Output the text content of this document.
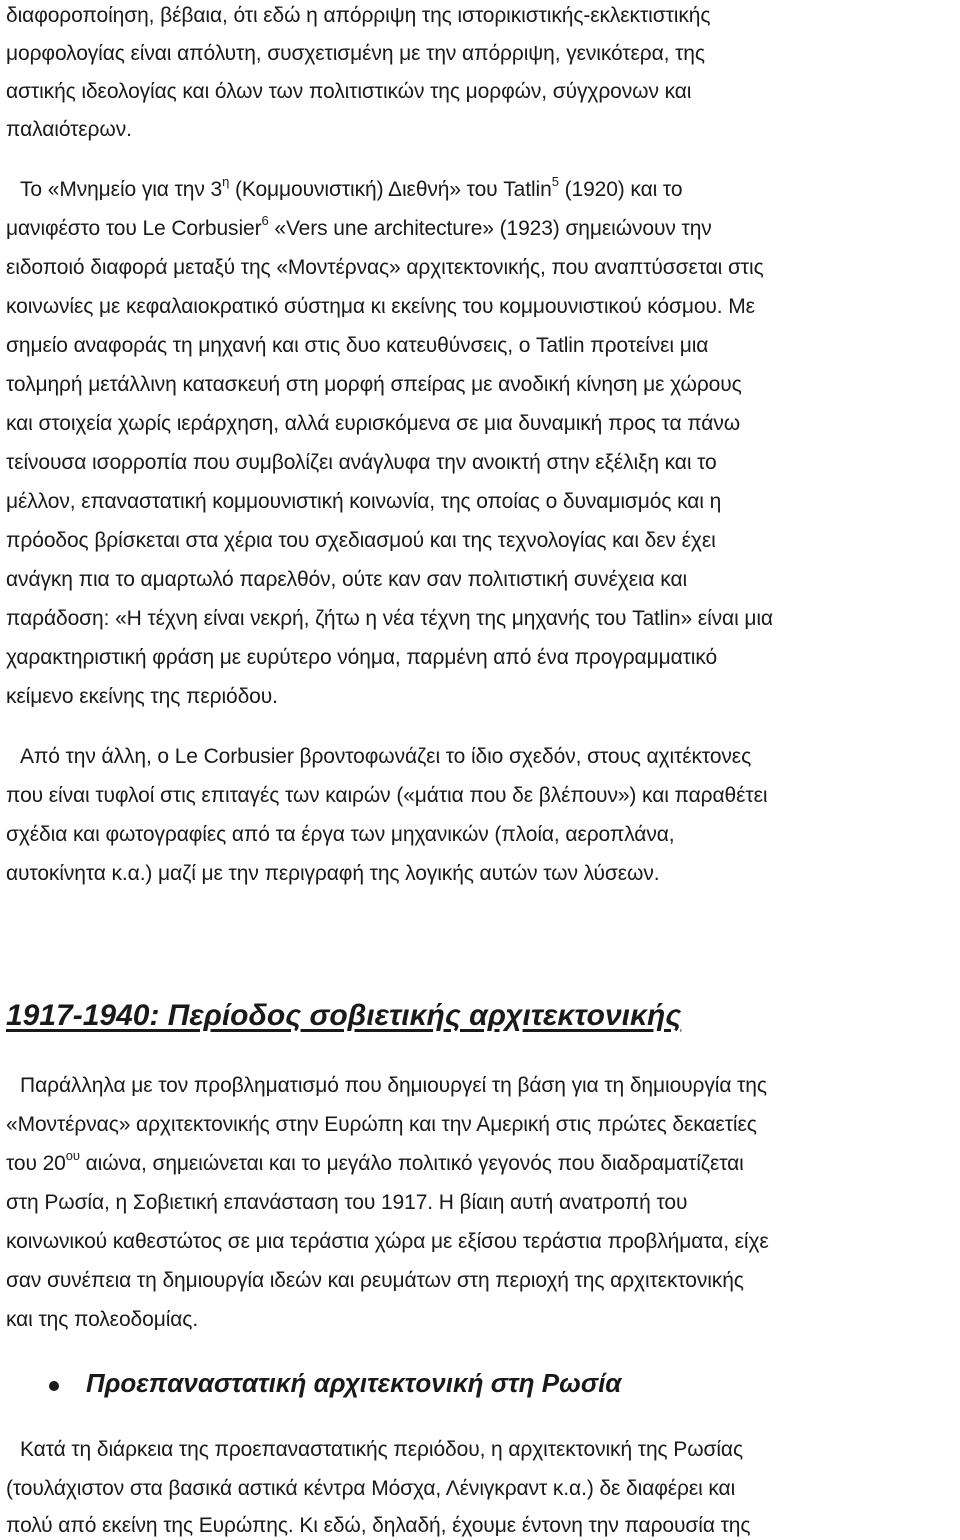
διαφοροποίηση, βέβαια, ότι εδώ η απόρριψη της ιστορικιστικής-εκλεκτιστικής
μορφολογίας είναι απόλυτη, συσχετισμένη με την απόρριψη, γενικότερα, της
αστικής ιδεολογίας και όλων των πολιτιστικών της μορφών, σύγχρονων και
παλαιότερων.
Το «Μνημείο για την $3^\eta$ (Κομμουνιστική) Διεθνή» του Tatlin$^5$ (1920) και το
μανιφέστο του Le Corbusier$^6$ «Vers une architecture» (1923) σημειώνουν την
ειδοποιό διαφορά μεταξύ της «Μοντέρνας» αρχιτεκτονικής, που αναπτύσσεται στις
κοινωνίες με κεφαλαιοκρατικό σύστημα κι εκείνης του κομμουνιστικού κόσμου. Με
σημείο αναφοράς τη μηχανή και στις δυο κατευθύνσεις, ο Tatlin προτείνει μια
τολμηρή μετάλλινη κατασκευή στη μορφή σπείρας με ανοδική κίνηση με χώρους
και στοιχεία χωρίς ιεράρχηση, αλλά ευρισκόμενα σε μια δυναμική προς τα πάνω
τείνουσα ισορροπία που συμβολίζει ανάγλυφα την ανοικτή στην εξέλιξη και το
μέλλον, επαναστατική κομμουνιστική κοινωνία, της οποίας ο δυναμισμός και η
πρόοδος βρίσκεται στα χέρια του σχεδιασμού και της τεχνολογίας και δεν έχει
ανάγκη πια το αμαρτωλό παρελθόν, ούτε καν σαν πολιτιστική συνέχεια και
παράδοση: «Η τέχνη είναι νεκρή, ζήτω η νέα τέχνη της μηχανής του Tatlin» είναι μια
χαρακτηριστική φράση με ευρύτερο νόημα, παρμένη από ένα προγραμματικό
κείμενο εκείνης της περιόδου.
Από την άλλη, ο Le Corbusier βροντοφωνάζει το ίδιο σχεδόν, στους αχιτέκτονες
που είναι τυφλοί στις επιταγές των καιρών («μάτια που δε βλέπουν») και παραθέτει
σχέδια και φωτογραφίες από τα έργα των μηχανικών (πλοία, αεροπλάνα,
αυτοκίνητα κ.α.) μαζί με την περιγραφή της λογικής αυτών των λύσεων.
1917-1940: Περίοδος σοβιετικής αρχιτεκτονικής
Παράλληλα με τον προβληματισμό που δημιουργεί τη βάση για τη δημιουργία της
«Μοντέρνας» αρχιτεκτονικής στην Ευρώπη και την Αμερική στις πρώτες δεκαετίες
του $20^{o\upsilon}$ αιώνα, σημειώνεται και το μεγάλο πολιτικό γεγονός που διαδραματίζεται
στη Ρωσία, η Σοβιετική επανάσταση του 1917. Η βίαιη αυτή ανατροπή του
κοινωνικού καθεστώτος σε μια τεράστια χώρα με εξίσου τεράστια προβλήματα, είχε
σαν συνέπεια τη δημιουργία ιδεών και ρευμάτων στη περιοχή της αρχιτεκτονικής
και της πολεοδομίας.
Προεπαναστατική αρχιτεκτονική στη Ρωσία
Κατά τη διάρκεια της προεπαναστατικής περιόδου, η αρχιτεκτονική της Ρωσίας
(τουλάχιστον στα βασικά αστικά κέντρα Μόσχα, Λένιγκραντ κ.α.) δε διαφέρει και
πολύ από εκείνη της Ευρώπης. Κι εδώ, δηλαδή, έχουμε έντονη την παρουσία της
